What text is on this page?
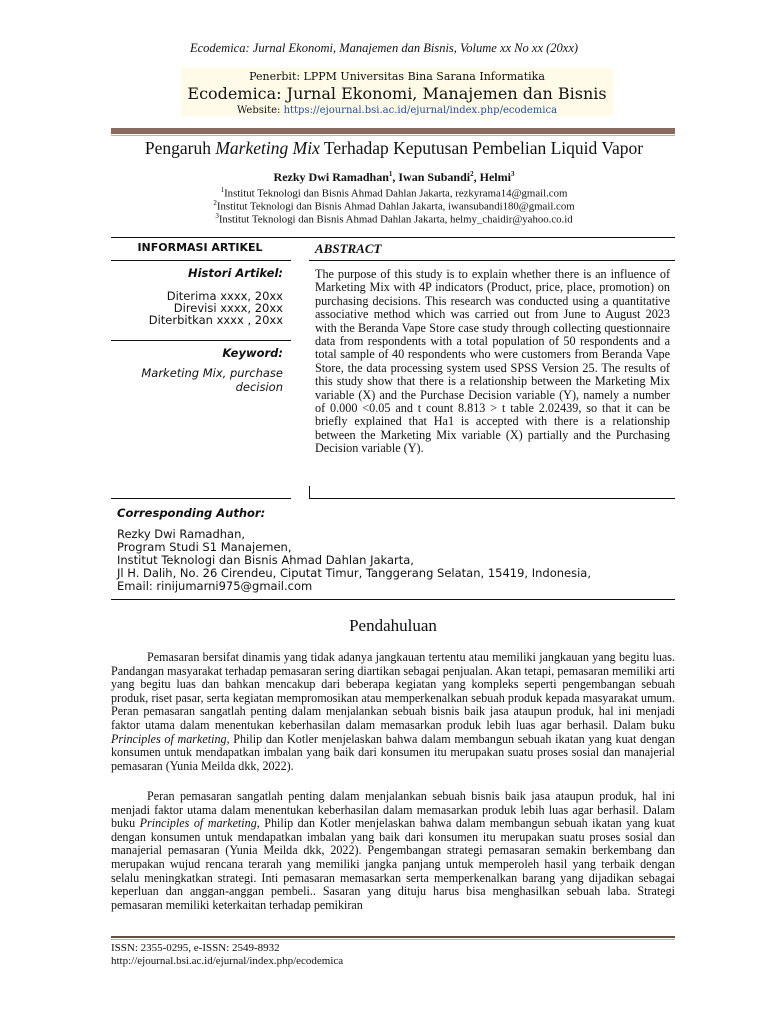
Ecodemica: Jurnal Ekonomi, Manajemen dan Bisnis, Volume xx No xx (20xx)
Penerbit: LPPM Universitas Bina Sarana Informatika
Ecodemica: Jurnal Ekonomi, Manajemen dan Bisnis
Website: https://ejournal.bsi.ac.id/ejurnal/index.php/ecodemica
Pengaruh Marketing Mix Terhadap Keputusan Pembelian Liquid Vapor
Rezky Dwi Ramadhan$^1$, Iwan Subandi$^2$, Helmi$^3$
$^1$Institut Teknologi dan Bisnis Ahmad Dahlan Jakarta, rezkyrama14@gmail.com
$^2$Institut Teknologi dan Bisnis Ahmad Dahlan Jakarta, iwansubandi180@gmail.com
$^3$Institut Teknologi dan Bisnis Ahmad Dahlan Jakarta, helmy_chaidir@yahoo.co.id
INFORMASI ARTIKEL
Histori Artikel:
Diterima xxxx, 20xx
Direvisi xxxx, 20xx
Diterbitkan xxxx , 20xx
Keyword:
Marketing Mix, purchase decision
ABSTRACT
The purpose of this study is to explain whether there is an influence of Marketing Mix with 4P indicators (Product, price, place, promotion) on purchasing decisions. This research was conducted using a quantitative associative method which was carried out from June to August 2023 with the Beranda Vape Store case study through collecting questionnaire data from respondents with a total population of 50 respondents and a total sample of 40 respondents who were customers from Beranda Vape Store, the data processing system used SPSS Version 25. The results of this study show that there is a relationship between the Marketing Mix variable (X) and the Purchase Decision variable (Y), namely a number of 0.000 <0.05 and t count 8.813 > t table 2.02439, so that it can be briefly explained that Ha1 is accepted with there is a relationship between the Marketing Mix variable (X) partially and the Purchasing Decision variable (Y).
Corresponding Author:
Rezky Dwi Ramadhan,
Program Studi S1 Manajemen,
Institut Teknologi dan Bisnis Ahmad Dahlan Jakarta,
Jl H. Dalih, No. 26 Cirendeu, Ciputat Timur, Tanggerang Selatan, 15419, Indonesia,
Email: rinijumarni975@gmail.com
Pendahuluan
Pemasaran bersifat dinamis yang tidak adanya jangkauan tertentu atau memiliki jangkauan yang begitu luas. Pandangan masyarakat terhadap pemasaran sering diartikan sebagai penjualan. Akan tetapi, pemasaran memiliki arti yang begitu luas dan bahkan mencakup dari beberapa kegiatan yang kompleks seperti pengembangan sebuah produk, riset pasar, serta kegiatan mempromosikan atau memperkenalkan sebuah produk kepada masyarakat umum. Peran pemasaran sangatlah penting dalam menjalankan sebuah bisnis baik jasa ataupun produk, hal ini menjadi faktor utama dalam menentukan keberhasilan dalam memasarkan produk lebih luas agar berhasil. Dalam buku Principles of marketing, Philip dan Kotler menjelaskan bahwa dalam membangun sebuah ikatan yang kuat dengan konsumen untuk mendapatkan imbalan yang baik dari konsumen itu merupakan suatu proses sosial dan manajerial pemasaran (Yunia Meilda dkk, 2022).
Peran pemasaran sangatlah penting dalam menjalankan sebuah bisnis baik jasa ataupun produk, hal ini menjadi faktor utama dalam menentukan keberhasilan dalam memasarkan produk lebih luas agar berhasil. Dalam buku Principles of marketing, Philip dan Kotler menjelaskan bahwa dalam membangun sebuah ikatan yang kuat dengan konsumen untuk mendapatkan imbalan yang baik dari konsumen itu merupakan suatu proses sosial dan manajerial pemasaran (Yunia Meilda dkk, 2022). Pengembangan strategi pemasaran semakin berkembang dan merupakan wujud rencana terarah yang memiliki jangka panjang untuk memperoleh hasil yang terbaik dengan selalu meningkatkan strategi. Inti pemasaran memasarkan serta memperkenalkan barang yang dijadikan sebagai keperluan dan anggan-anggan pembeli.. Sasaran yang dituju harus bisa menghasilkan sebuah laba. Strategi pemasaran memiliki keterkaitan terhadap pemikiran
ISSN: 2355-0295, e-ISSN: 2549-8932
http://ejournal.bsi.ac.id/ejurnal/index.php/ecodemica
